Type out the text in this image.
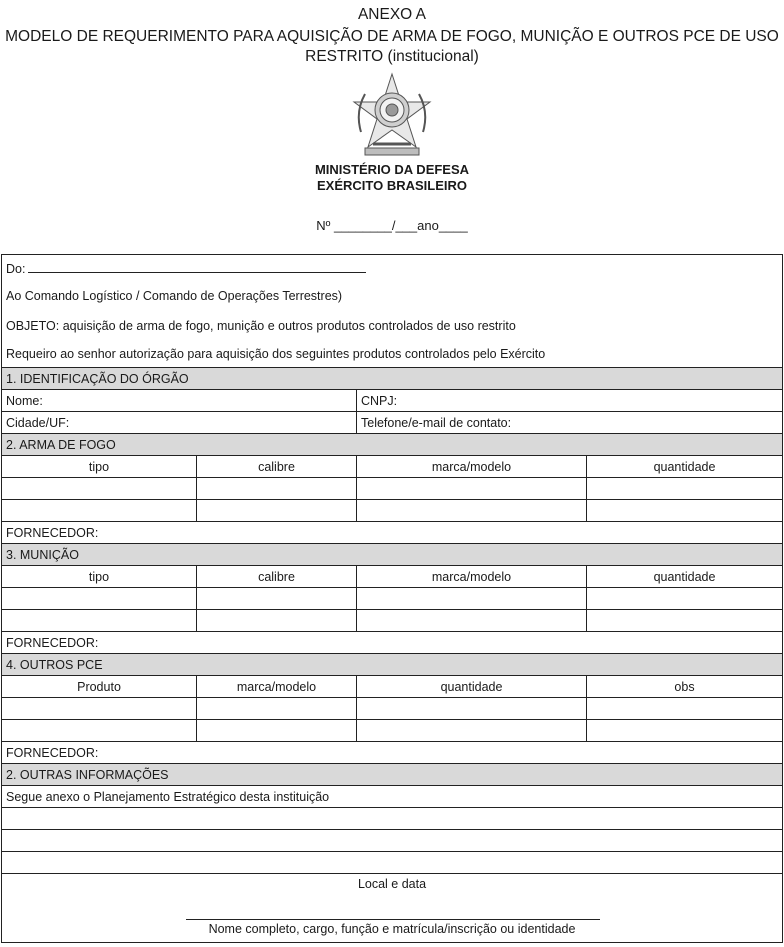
ANEXO A
MODELO DE REQUERIMENTO PARA AQUISIÇÃO DE ARMA DE FOGO, MUNIÇÃO E OUTROS PCE DE USO
RESTRITO (institucional)
MINISTÉRIO DA DEFESA
EXÉRCITO BRASILEIRO
Nº ________/___ano____
Do:			
Ao Comando Logístico / Comando de Operações Terrestres)			
OBJETO: aquisição de arma de fogo, munição e outros produtos controlados de uso restrito			
Requeiro ao senhor autorização para aquisição dos seguintes produtos controlados pelo Exército			
1. IDENTIFICAÇÃO DO ÓRGÃO			
Nome:		CNPJ:	
Cidade/UF:		Telefone/e-mail de contato:	
2. ARMA DE FOGO			
tipo	calibre	marca/modelo	quantidade

FORNECEDOR:			
3. MUNIÇÃO			
tipo	calibre	marca/modelo	quantidade

FORNECEDOR:			
4. OUTROS PCE			
Produto	marca/modelo	quantidade	obs

FORNECEDOR:			
2. OUTRAS INFORMAÇÕES			
Segue anexo o Planejamento Estratégico desta instituição			

Local e data
Nome completo, cargo, função e matrícula/inscrição ou identidade			
